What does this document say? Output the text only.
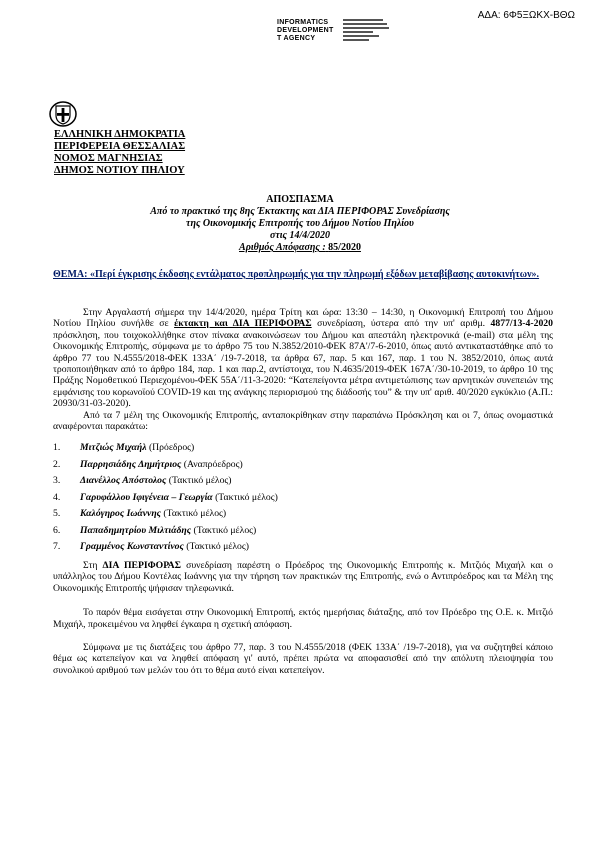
ΑΔΑ: 6Φ5ΞΩΚΧ-ΒΘΩ
INFORMATICS
DEVELOPMENT
T AGENCY
ΕΛΛΗΝΙΚΗ ΔΗΜΟΚΡΑΤΙΑ
ΠΕΡΙΦΕΡΕΙΑ ΘΕΣΣΑΛΙΑΣ
ΝΟΜΟΣ ΜΑΓΝΗΣΙΑΣ
ΔΗΜΟΣ ΝΟΤΙΟΥ ΠΗΛΙΟΥ
ΑΠΟΣΠΑΣΜΑ
Από το πρακτικό της 8ης Έκτακτης και ΔΙΑ ΠΕΡΙΦΟΡΑΣ Συνεδρίασης
της Οικονομικής Επιτροπής του Δήμου Νοτίου Πηλίου
στις 14/4/2020
Αριθμός Απόφασης : 85/2020
ΘΕΜΑ: «Περί έγκρισης έκδοσης εντάλματος προπληρωμής για την πληρωμή εξόδων μεταβίβασης αυτοκινήτων».

Στην Αργαλαστή σήμερα την 14/4/2020, ημέρα Τρίτη και ώρα: 13:30 – 14:30, η Οικονομική Επιτροπή του Δήμου Νοτίου Πηλίου συνήλθε σε έκτακτη και ΔΙΑ ΠΕΡΙΦΟΡΑΣ συνεδρίαση, ύστερα από την υπ' αριθμ. 4877/13-4-2020 πρόσκληση, που τοιχοκολλήθηκε στον πίνακα ανακοινώσεων του Δήμου και απεστάλη ηλεκτρονικά (e-mail) στα μέλη της Οικονομικής Επιτροπής, σύμφωνα με το άρθρο 75 του Ν.3852/2010-ΦΕΚ 87Α'/7-6-2010, όπως αυτό αντικαταστάθηκε από το άρθρο 77 του Ν.4555/2018-ΦΕΚ 133Α΄ /19-7-2018, τα άρθρα 67, παρ. 5 και 167, παρ. 1 του Ν. 3852/2010, όπως αυτά τροποποιήθηκαν από το άρθρο 184, παρ. 1 και παρ.2, αντίστοιχα, του Ν.4635/2019-ΦΕΚ 167Α΄/30-10-2019, το άρθρο 10 της Πράξης Νομοθετικού Περιεχομένου-ΦΕΚ 55Α΄/11-3-2020: “Κατεπείγοντα μέτρα αντιμετώπισης των αρνητικών συνεπειών της εμφάνισης του κορωνοϊού COVID-19 και της ανάγκης περιορισμού της διάδοσής του” & την υπ' αριθ. 40/2020 εγκύκλιο (Α.Π.: 20930/31-03-2020).

Από τα 7 μέλη της Οικονομικής Επιτροπής, ανταποκρίθηκαν στην παραπάνω Πρόσκληση και οι 7, όπως ονομαστικά αναφέρονται παρακάτω:

1. Μιτζιώς Μιχαήλ (Πρόεδρος)
2. Παρρησιάδης Δημήτριος (Αναπρόεδρος)
3. Διανέλλος Απόστολος (Τακτικό μέλος)
4. Γαρυφάλλου Ιφιγένεια – Γεωργία (Τακτικό μέλος)
5. Καλόγηρος Ιωάννης (Τακτικό μέλος)
6. Παπαδημητρίου Μιλτιάδης (Τακτικό μέλος)
7. Γραμμένος Κωνσταντίνος (Τακτικό μέλος)

Στη ΔΙΑ ΠΕΡΙΦΟΡΑΣ συνεδρίαση παρέστη ο Πρόεδρος της Οικονομικής Επιτροπής κ. Μιτζιός Μιχαήλ και ο υπάλληλος του Δήμου Κοντέλας Ιωάννης για την τήρηση των πρακτικών της Επιτροπής, ενώ ο Αντιπρόεδρος και τα Μέλη της Οικονομικής Επιτροπής ψήφισαν τηλεφωνικά.

Το παρόν θέμα εισάγεται στην Οικονομική Επιτροπή, εκτός ημερήσιας διάταξης, από τον Πρόεδρο της Ο.Ε. κ. Μιτζιό Μιχαήλ, προκειμένου να ληφθεί έγκαιρα η σχετική απόφαση.

Σύμφωνα με τις διατάξεις του άρθρο 77, παρ. 3 του Ν.4555/2018 (ΦΕΚ 133Α΄ /19-7-2018), για να συζητηθεί κάποιο θέμα ως κατεπείγον και να ληφθεί απόφαση γι' αυτό, πρέπει πρώτα να αποφασισθεί από την απόλυτη πλειοψηφία του συνολικού αριθμού των μελών του ότι το θέμα αυτό είναι κατεπείγον.
